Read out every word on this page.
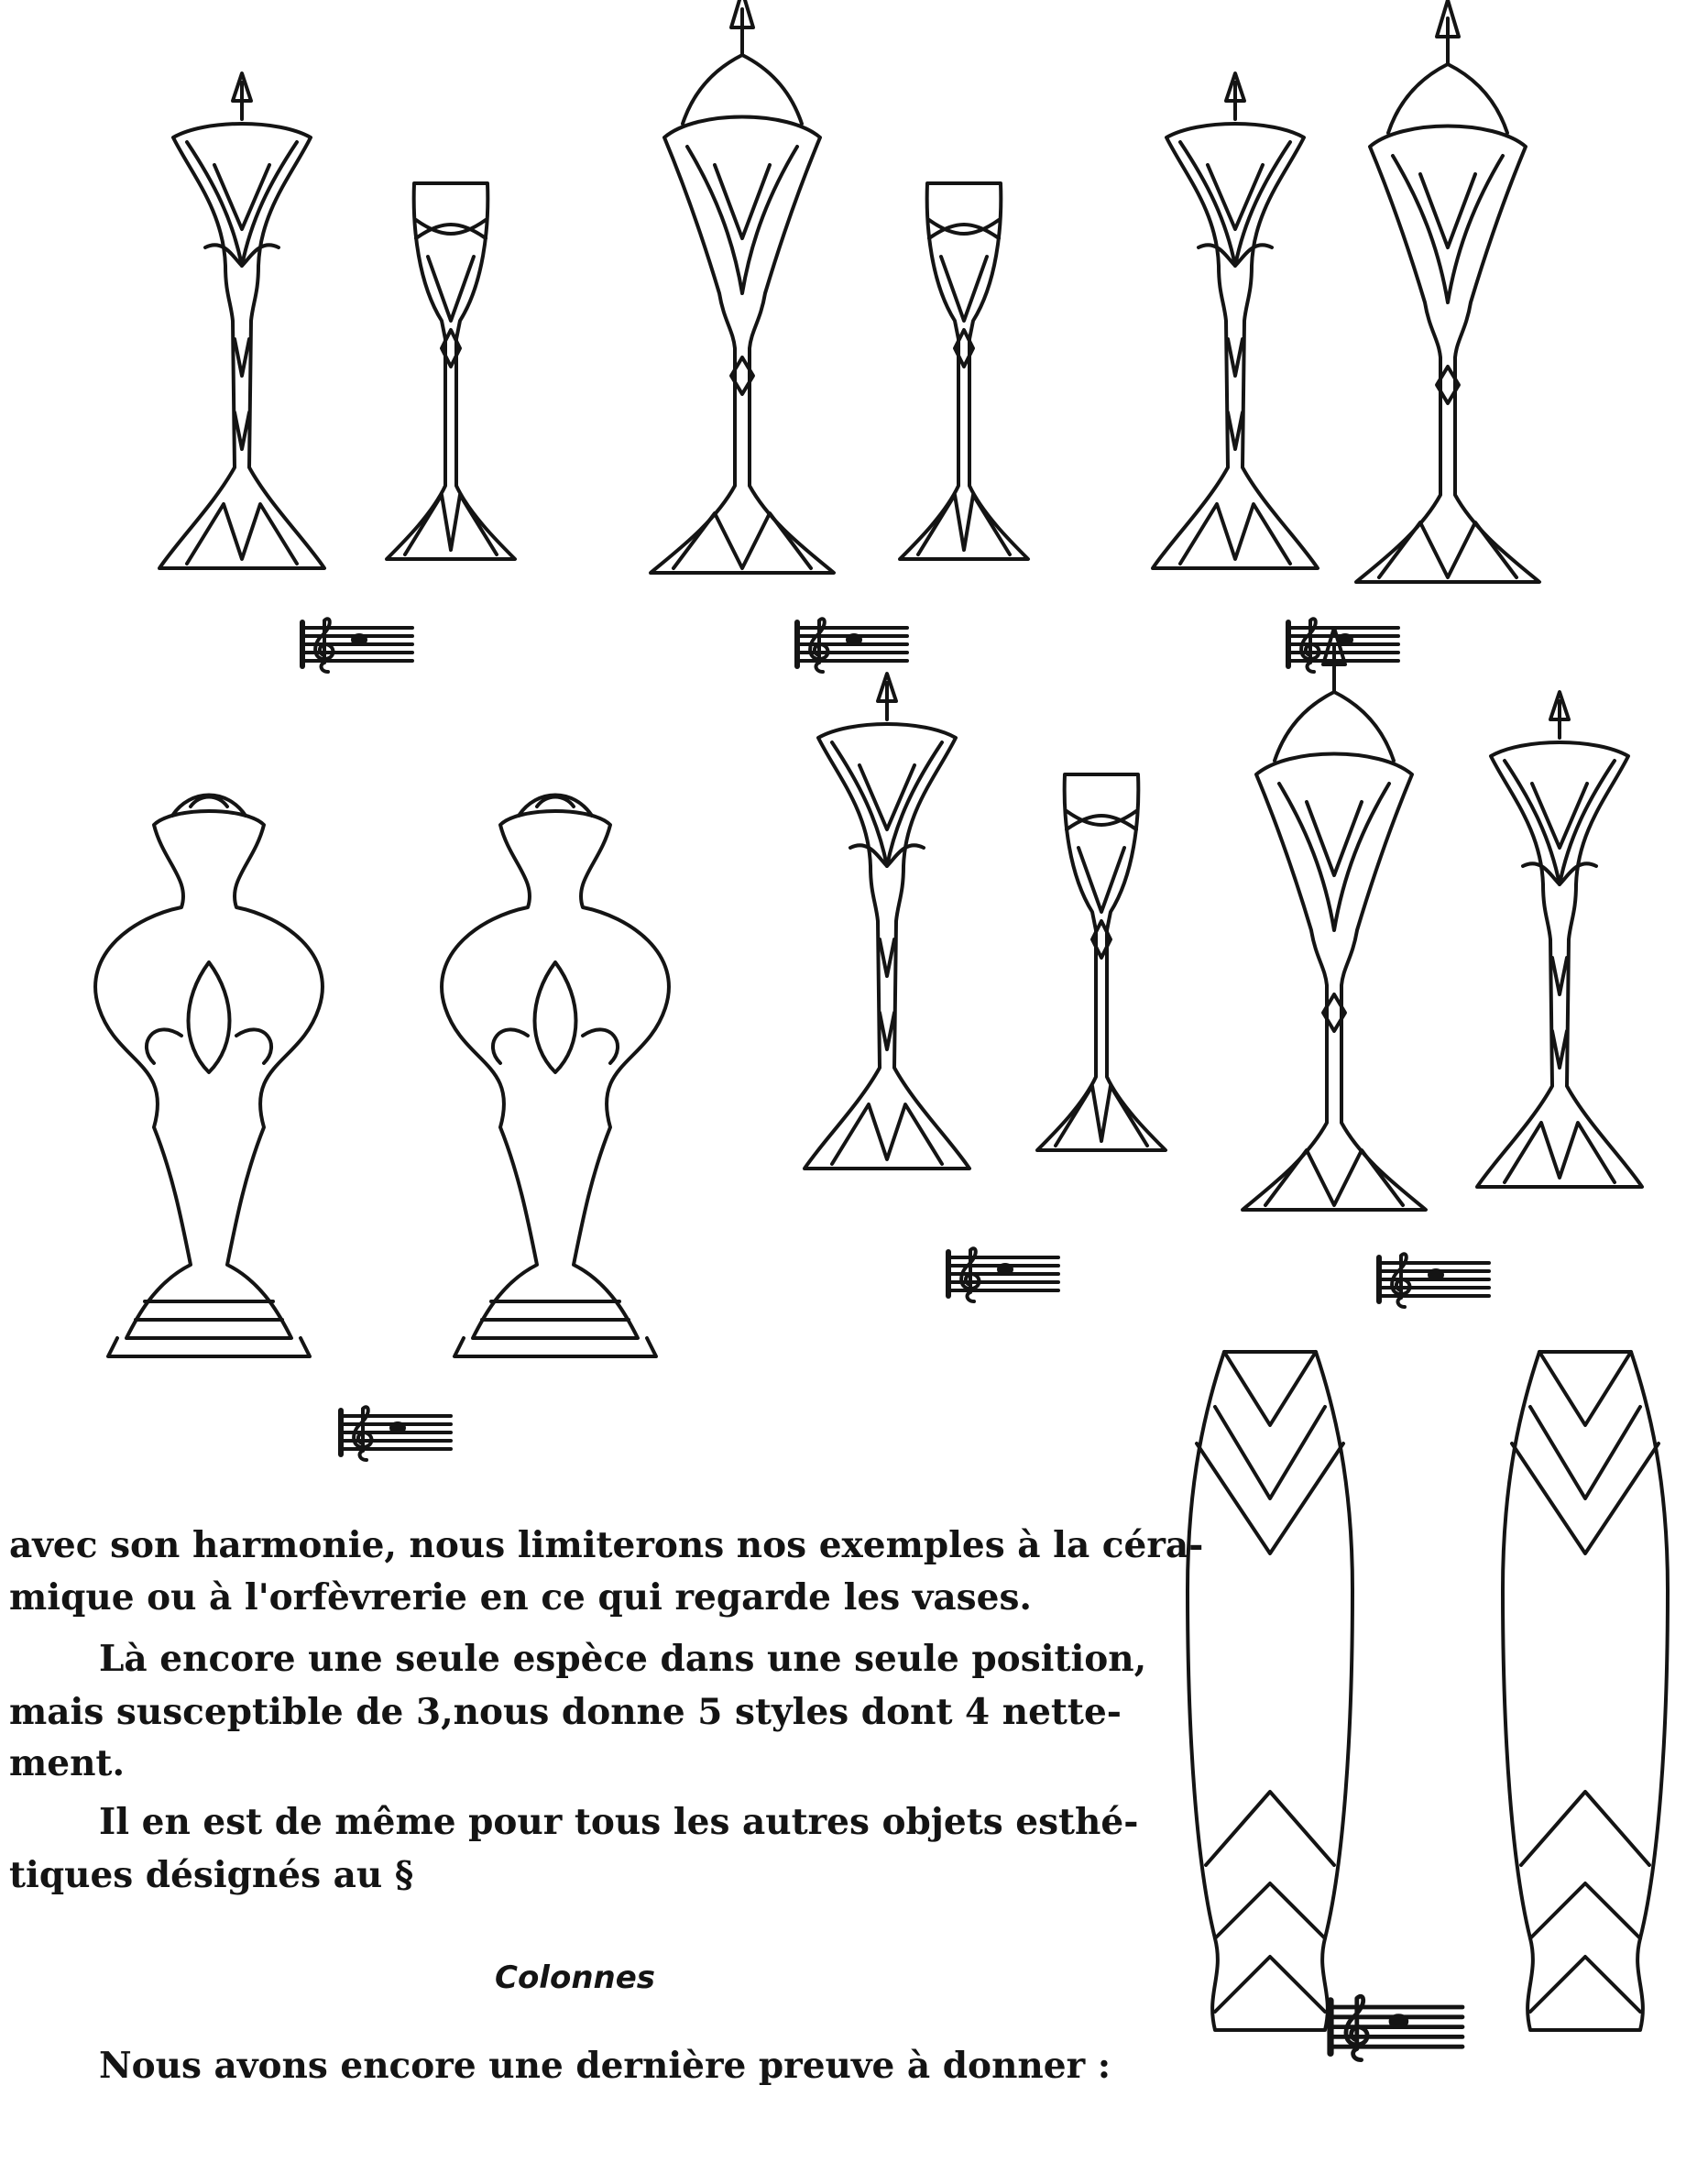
avec son harmonie, nous limiterons nos exemples à la céra-
mique ou à l'orfèvrerie en ce qui regarde les vases.
Là encore une seule espèce dans une seule position,
mais susceptible de 3,nous donne 5 styles dont 4 nette-
ment.
Il en est de même pour tous les autres objets esthé-
tiques désignés au §
Nous avons encore une dernière preuve à donner :
Colonnes
